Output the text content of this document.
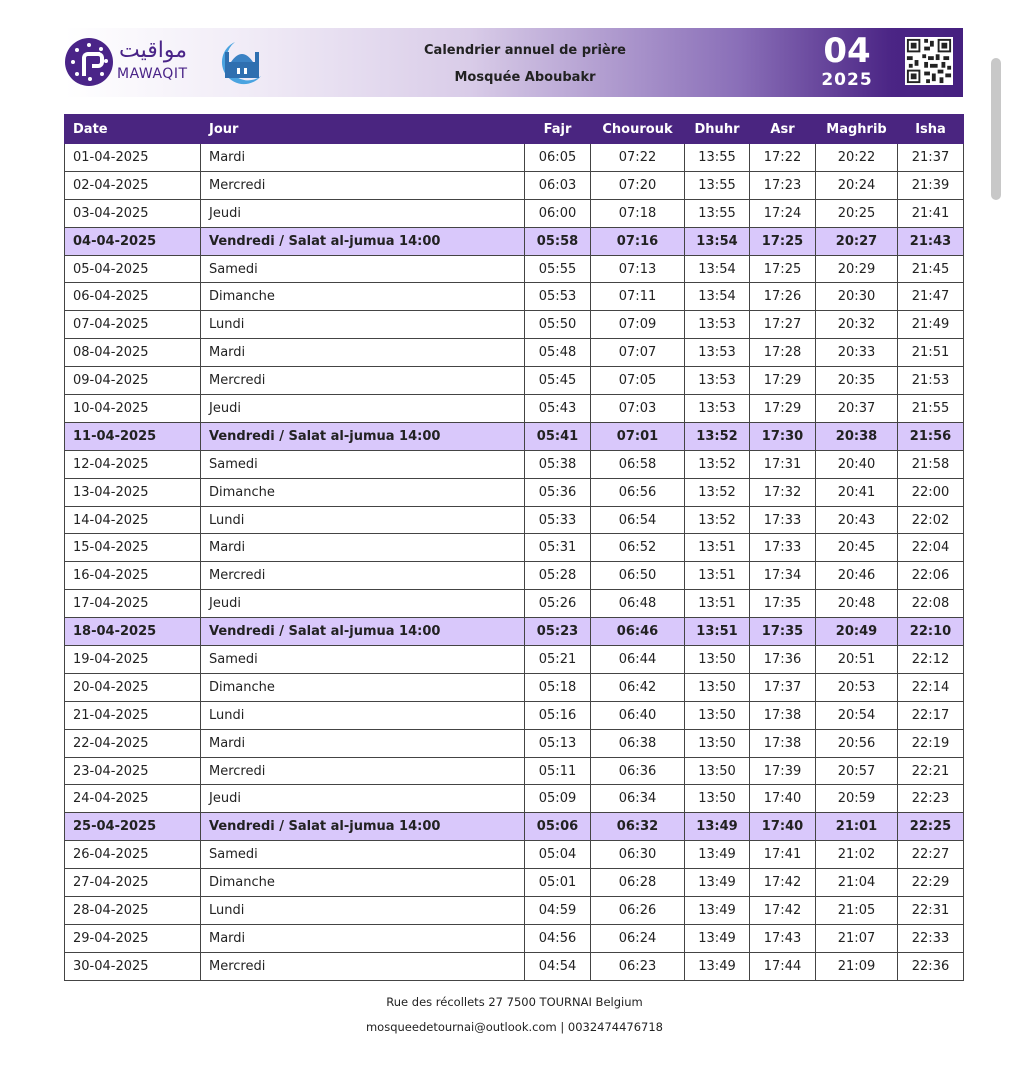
مواقيت
MAWAQIT
Calendrier annuel de prière
Mosquée Aboubakr
04
2025
Date	Jour	Fajr	Chourouk	Dhuhr	Asr	Maghrib	Isha
01-04-2025	Mardi	06:05	07:22	13:55	17:22	20:22	21:37
02-04-2025	Mercredi	06:03	07:20	13:55	17:23	20:24	21:39
03-04-2025	Jeudi	06:00	07:18	13:55	17:24	20:25	21:41
04-04-2025	Vendredi / Salat al-jumua 14:00	05:58	07:16	13:54	17:25	20:27	21:43
05-04-2025	Samedi	05:55	07:13	13:54	17:25	20:29	21:45
06-04-2025	Dimanche	05:53	07:11	13:54	17:26	20:30	21:47
07-04-2025	Lundi	05:50	07:09	13:53	17:27	20:32	21:49
08-04-2025	Mardi	05:48	07:07	13:53	17:28	20:33	21:51
09-04-2025	Mercredi	05:45	07:05	13:53	17:29	20:35	21:53
10-04-2025	Jeudi	05:43	07:03	13:53	17:29	20:37	21:55
11-04-2025	Vendredi / Salat al-jumua 14:00	05:41	07:01	13:52	17:30	20:38	21:56
12-04-2025	Samedi	05:38	06:58	13:52	17:31	20:40	21:58
13-04-2025	Dimanche	05:36	06:56	13:52	17:32	20:41	22:00
14-04-2025	Lundi	05:33	06:54	13:52	17:33	20:43	22:02
15-04-2025	Mardi	05:31	06:52	13:51	17:33	20:45	22:04
16-04-2025	Mercredi	05:28	06:50	13:51	17:34	20:46	22:06
17-04-2025	Jeudi	05:26	06:48	13:51	17:35	20:48	22:08
18-04-2025	Vendredi / Salat al-jumua 14:00	05:23	06:46	13:51	17:35	20:49	22:10
19-04-2025	Samedi	05:21	06:44	13:50	17:36	20:51	22:12
20-04-2025	Dimanche	05:18	06:42	13:50	17:37	20:53	22:14
21-04-2025	Lundi	05:16	06:40	13:50	17:38	20:54	22:17
22-04-2025	Mardi	05:13	06:38	13:50	17:38	20:56	22:19
23-04-2025	Mercredi	05:11	06:36	13:50	17:39	20:57	22:21
24-04-2025	Jeudi	05:09	06:34	13:50	17:40	20:59	22:23
25-04-2025	Vendredi / Salat al-jumua 14:00	05:06	06:32	13:49	17:40	21:01	22:25
26-04-2025	Samedi	05:04	06:30	13:49	17:41	21:02	22:27
27-04-2025	Dimanche	05:01	06:28	13:49	17:42	21:04	22:29
28-04-2025	Lundi	04:59	06:26	13:49	17:42	21:05	22:31
29-04-2025	Mardi	04:56	06:24	13:49	17:43	21:07	22:33
30-04-2025	Mercredi	04:54	06:23	13:49	17:44	21:09	22:36
Rue des récollets 27 7500 TOURNAI Belgium
mosqueedetournai@outlook.com | 0032474476718
